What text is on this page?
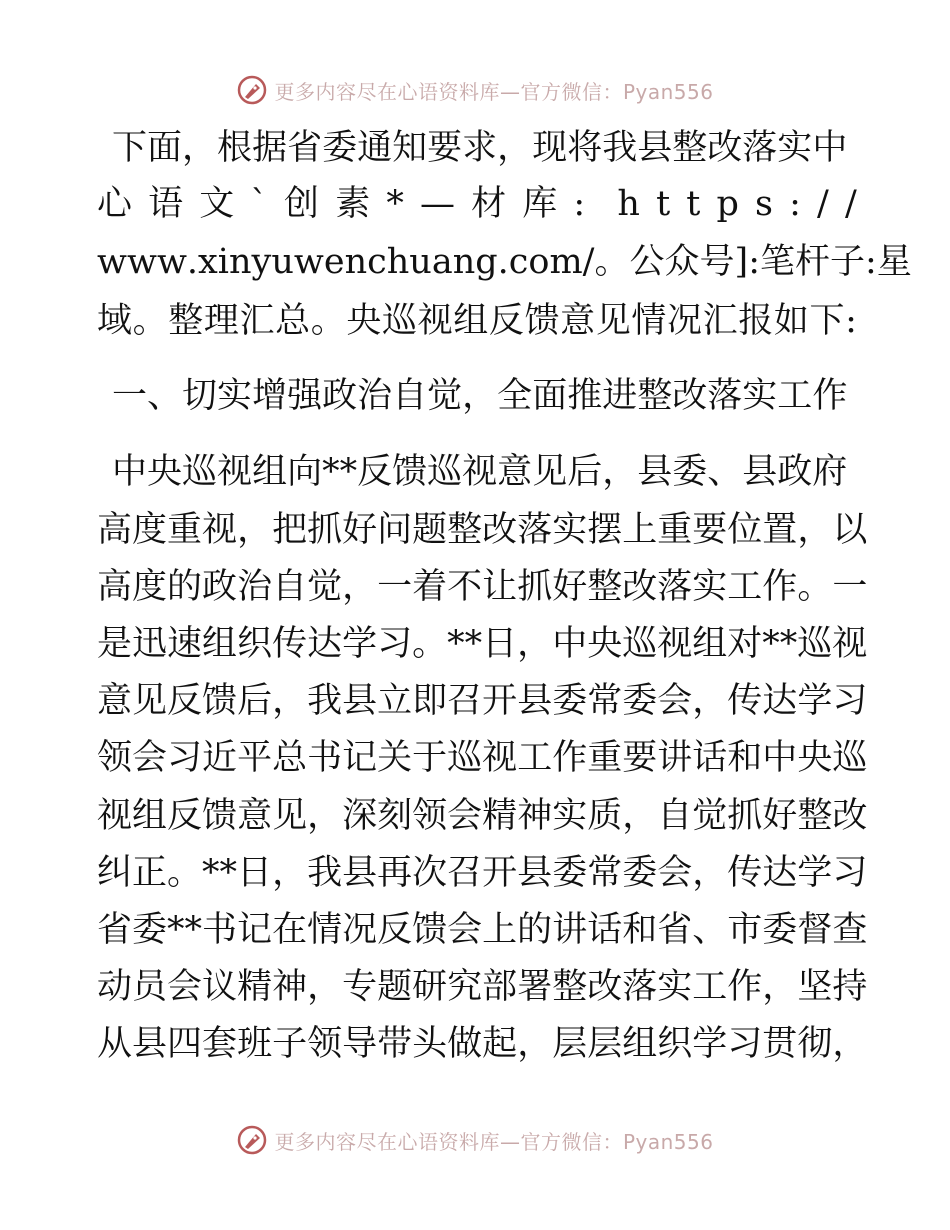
更多内容尽在心语资料库—官方微信：Pyan556
下 面 ， 根 据 省 委 通 知 要 求 ， 现 将 我 县 整 改 落 实 中
心 语 文 ` 创 素 * — 材 库 : h t t p s : / /
w w w . x i n y u w e n c h u a n g . c o m / 。 公 众 号 ] : 笔 杆 子 : 星
域 。 整 理 汇 总 。 央 巡 视 组 反 馈 意 见 情 况 汇 报 如 下 :
一 、 切 实 增 强 政 治 自 觉 ， 全 面 推 进 整 改 落 实 工 作
中 央 巡 视 组 向 * * 反 馈 巡 视 意 见 后 ， 县 委 、 县 政 府
高 度 重 视 ， 把 抓 好 问 题 整 改 落 实 摆 上 重 要 位 置 ， 以
高 度 的 政 治 自 觉 ， 一 着 不 让 抓 好 整 改 落 实 工 作 。 一
是 迅 速 组 织 传 达 学 习 。 * * 日 ， 中 央 巡 视 组 对 * * 巡 视
意 见 反 馈 后 ， 我 县 立 即 召 开 县 委 常 委 会 ， 传 达 学 习
领 会 习 近 平 总 书 记 关 于 巡 视 工 作 重 要 讲 话 和 中 央 巡
视 组 反 馈 意 见 ， 深 刻 领 会 精 神 实 质 ， 自 觉 抓 好 整 改
纠 正 。 * * 日 ， 我 县 再 次 召 开 县 委 常 委 会 ， 传 达 学 习
省 委 * * 书 记 在 情 况 反 馈 会 上 的 讲 话 和 省 、 市 委 督 查
动 员 会 议 精 神 ， 专 题 研 究 部 署 整 改 落 实 工 作 ， 坚 持
从 县 四 套 班 子 领 导 带 头 做 起 ， 层 层 组 织 学 习 贯 彻 ，
更多内容尽在心语资料库—官方微信：Pyan556
